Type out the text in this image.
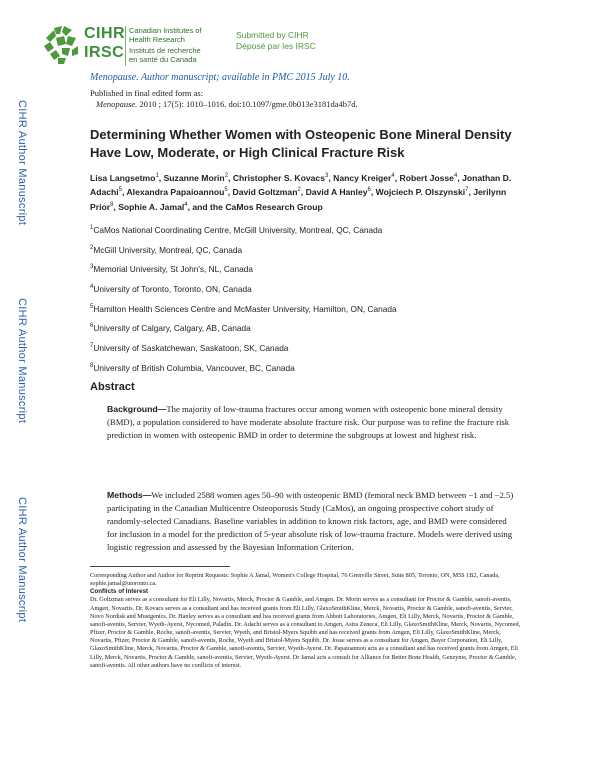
CIHR
IRSC
Canadian Institutes of
Health Research
Instituts de recherche
en santé du Canada
Submitted by CIHR
Déposé par les IRSC
Menopause. Author manuscript; available in PMC 2015 July 10.
Published in final edited form as:
Menopause. 2010 ; 17(5): 1010–1016. doi:10.1097/gme.0b013e3181da4b7d.
CIHR Author Manuscript
CIHR Author Manuscript
CIHR Author Manuscript
Determining Whether Women with Osteopenic Bone Mineral Density Have Low, Moderate, or High Clinical Fracture Risk
Lisa Langsetmo$^1$, Suzanne Morin$^2$, Christopher S. Kovacs$^3$, Nancy Kreiger$^4$, Robert Josse$^4$, Jonathan D. Adachi$^5$, Alexandra Papaioannou$^5$, David Goltzman$^2$, David A Hanley$^6$, Wojciech P. Olszynski$^7$, Jerilynn Prior$^8$, Sophie A. Jamal$^4$, and the CaMos Research Group
$^1$CaMos National Coordinating Centre, McGill University, Montreal, QC, Canada
$^2$McGill University, Montreal, QC, Canada
$^3$Memorial University, St John's, NL, Canada
$^4$University of Toronto, Toronto, ON, Canada
$^5$Hamilton Health Sciences Centre and McMaster University, Hamilton, ON, Canada
$^6$University of Calgary, Calgary, AB, Canada
$^7$University of Saskatchewan, Saskatoon, SK, Canada
$^8$University of British Columbia, Vancouver, BC, Canada
Abstract
Background—The majority of low-trauma fractures occur among women with osteopenic bone mineral density (BMD), a population considered to have moderate absolute fracture risk. Our purpose was to refine the fracture risk prediction in women with osteopenic BMD in order to determine the subgroups at lowest and highest risk.
Methods—We included 2588 women ages 50–90 with osteopenic BMD (femoral neck BMD between −1 and −2.5) participating in the Canadian Multicentre Osteoporosis Study (CaMos), an ongoing prospective cohort study of randomly-selected Canadians. Baseline variables in addition to known risk factors, age, and BMD were considered for inclusion in a model for the prediction of 5-year absolute risk of low-trauma fracture. Models were derived using logistic regression and assessed by the Bayesian Information Criterion.
Corresponding Author and Author for Reprint Requests: Sophie A Jamal, Women's College Hospital, 76 Grenville Street, Suite 805, Toronto, ON, M5S 1B2, Canada, sophie.jamal@utoronto.ca.
Conflicts of Interest
Dr. Goltzman serves as a consultant for Eli Lilly, Novartis, Merck, Proctor & Gamble, and Amgen. Dr. Morin serves as a consultant for Proctor & Gamble, sanofi-aventis, Amgen, Novartis. Dr. Kovacs serves as a consultant and has received grants from Eli Lilly, GlaxoSmithKline, Merck, Novartis, Proctor & Gamble, sanofi-aventis, Servier, Novo Nordisk and Mustgenics. Dr. Hanley serves as a consultant and has received grants from Abbott Laboratories, Amgen, Eli Lilly, Merck, Novartis, Proctor & Gamble, sanofi-aventis, Servier, Wyeth-Ayerst, Nycomed, Paladin. Dr. Adachi serves as a consultant to Amgen, Astra Zeneca, Eli Lilly, GlaxoSmithKline, Merck, Novartis, Nycomed, Pfizer, Proctor & Gamble, Roche, sanofi-aventis, Servier, Wyeth, and Bristol-Myers Squibb and has received grants from Amgen, Eli Lilly, GlaxoSmithKline, Merck, Novartis, Pfizer, Proctor & Gamble, sanofi-aventis, Roche, Wyeth and Bristol-Myers Squibb. Dr. Josse serves as a consultant for Amgen, Bayer Corporation, Eli Lilly, GlaxoSmithKline, Merck, Novartis, Proctor & Gamble, sanofi-aventis, Servier, Wyeth-Ayerst. Dr. Papaioannou acts as a consultant and has received grants from Amgen, Eli Lilly, Merck, Novartis, Proctor & Gamble, sanofi-aventis, Servier, Wyeth-Ayerst. Dr Jamal acts a consult for Alliance for Better Bone Health, Genzyme, Proctor & Gamble, sanofi-aventis. All other authors have no conflicts of interest.
